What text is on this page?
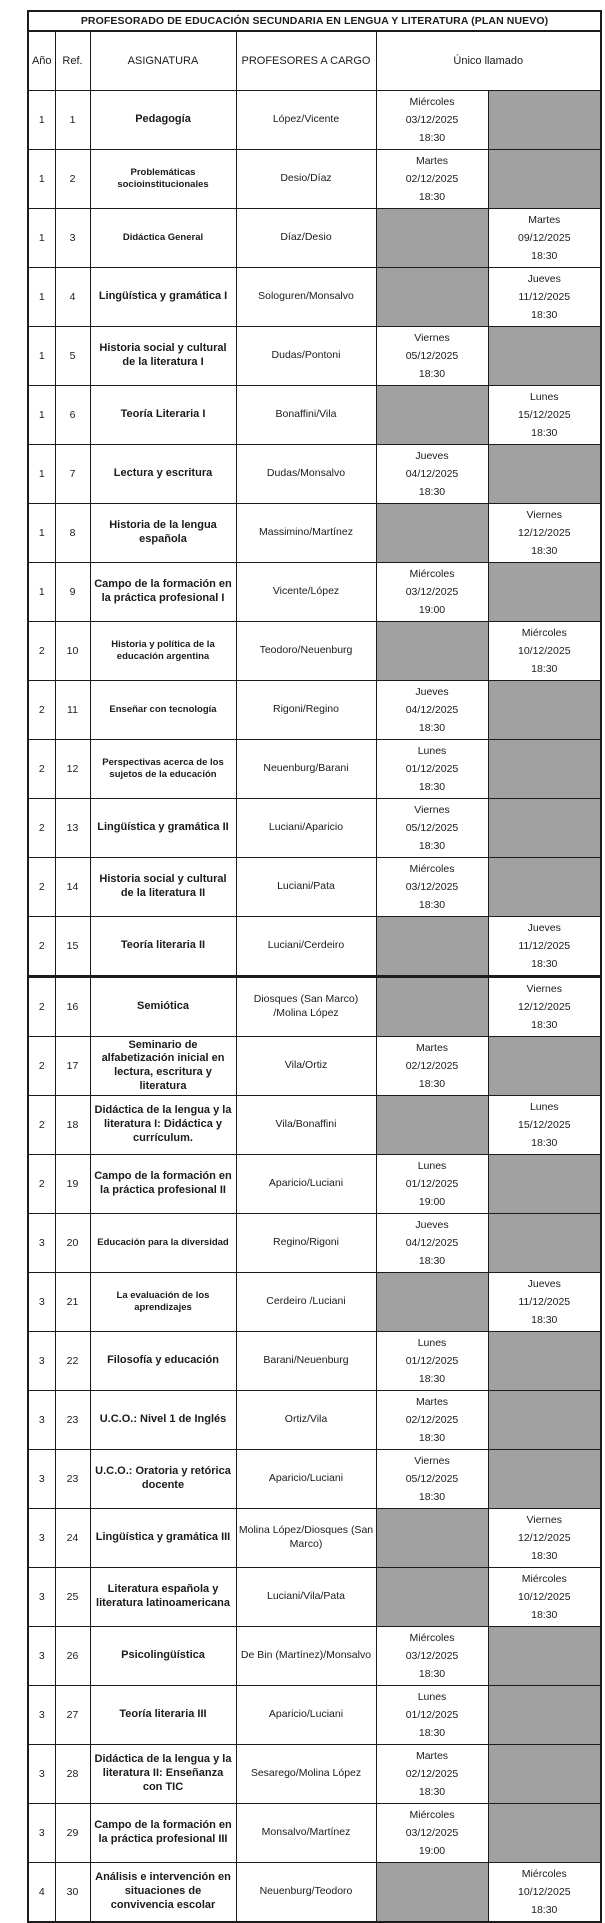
PROFESORADO DE EDUCACIÓN SECUNDARIA EN LENGUA Y LITERATURA (PLAN NUEVO)					
Año	Ref.	ASIGNATURA	PROFESORES A CARGO	Único llamado	
1	1	Pedagogía	López/Vicente	Miércoles
03/12/2025
18:30	

1	2	Problemáticas socioinstitucionales	Desio/Díaz	Martes
02/12/2025
18:30	

1	3	Didáctica General	Díaz/Desio		Martes
09/12/2025
18:30

1	4	Lingüística y gramática I	Sologuren/Monsalvo		Jueves
11/12/2025
18:30

1	5	Historia social y cultural de la literatura I	Dudas/Pontoni	Viernes
05/12/2025
18:30	

1	6	Teoría Literaria I	Bonaffini/Vila		Lunes
15/12/2025
18:30

1	7	Lectura y escritura	Dudas/Monsalvo	Jueves
04/12/2025
18:30	

1	8	Historia de la lengua española	Massimino/Martínez		Viernes
12/12/2025
18:30

1	9	Campo de la formación en la práctica profesional I	Vicente/López	Miércoles
03/12/2025
19:00	

2	10	Historia y política de la educación argentina	Teodoro/Neuenburg		Miércoles
10/12/2025
18:30

2	11	Enseñar con tecnología	Rigoni/Regino	Jueves
04/12/2025
18:30	

2	12	Perspectivas acerca de los sujetos de la educación	Neuenburg/Barani	Lunes
01/12/2025
18:30	

2	13	Lingüística y gramática II	Luciani/Aparicio	Viernes
05/12/2025
18:30	

2	14	Historia social y cultural de la literatura II	Luciani/Pata	Miércoles
03/12/2025
18:30	

2	15	Teoría literaria II	Luciani/Cerdeiro		Jueves
11/12/2025
18:30

2	16	Semiótica	Diosques (San Marco) /Molina López		Viernes
12/12/2025
18:30

2	17	Seminario de alfabetización inicial en lectura, escritura y literatura	Vila/Ortiz	Martes
02/12/2025
18:30	

2	18	Didáctica de la lengua y la literatura I: Didáctica y currículum.	Vila/Bonaffini		Lunes
15/12/2025
18:30

2	19	Campo de la formación en la práctica profesional II	Aparicio/Luciani	Lunes
01/12/2025
19:00	

3	20	Educación para la diversidad	Regino/Rigoni	Jueves
04/12/2025
18:30	

3	21	La evaluación de los aprendizajes	Cerdeiro /Luciani		Jueves
11/12/2025
18:30

3	22	Filosofía y educación	Barani/Neuenburg	Lunes
01/12/2025
18:30	

3	23	U.C.O.: Nivel 1 de Inglés	Ortiz/Vila	Martes
02/12/2025
18:30	

3	23	U.C.O.: Oratoria y retórica docente	Aparicio/Luciani	Viernes
05/12/2025
18:30	

3	24	Lingüística y gramática III	Molina López/Diosques (San Marco)		Viernes
12/12/2025
18:30

3	25	Literatura española y literatura latinoamericana	Luciani/Vila/Pata		Miércoles
10/12/2025
18:30

3	26	Psicolingüística	De Bin (Martínez)/Monsalvo	Miércoles
03/12/2025
18:30	

3	27	Teoría literaria III	Aparicio/Luciani	Lunes
01/12/2025
18:30	

3	28	Didáctica de la lengua y la literatura II: Enseñanza con TIC	Sesarego/Molina López	Martes
02/12/2025
18:30	

3	29	Campo de la formación en la práctica profesional III	Monsalvo/Martínez	Miércoles
03/12/2025
19:00	

4	30	Análisis e intervención en situaciones de convivencia escolar	Neuenburg/Teodoro		Miércoles
10/12/2025
18:30
